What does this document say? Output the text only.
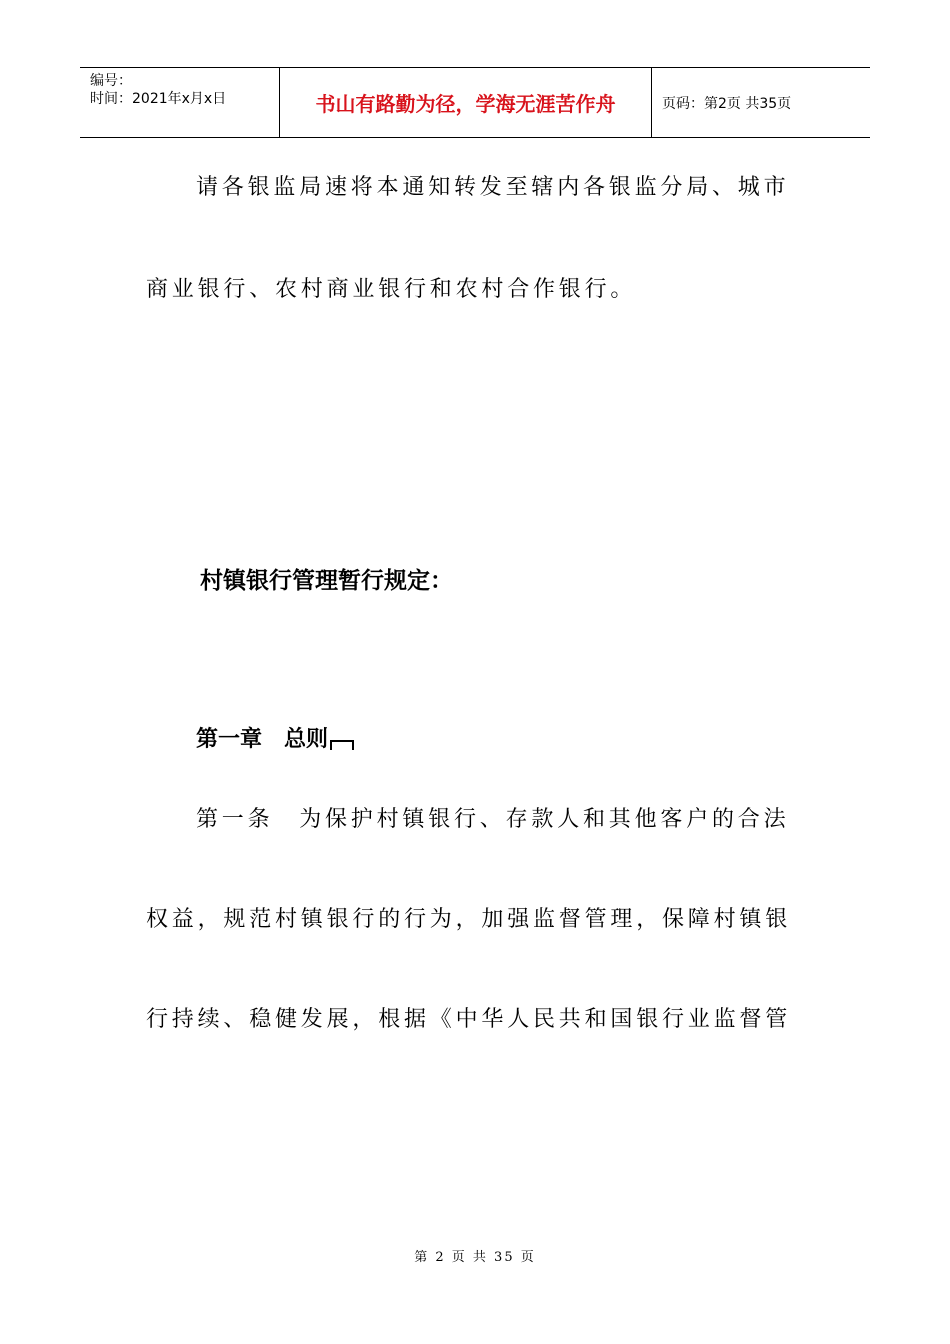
编号：
时间：2021年x月x日	书山有路勤为径，学海无涯苦作舟	页码：第2页 共35页

请各银监局速将本通知转发至辖内各银监分局、城市

商业银行、农村商业银行和农村合作银行。

村镇银行管理暂行规定：
第一章　总则

第一条　为保护村镇银行、存款人和其他客户的合法

权益，规范村镇银行的行为，加强监督管理，保障村镇银

行持续、稳健发展，根据《中华人民共和国银行业监督管

第 2 页 共 35 页
